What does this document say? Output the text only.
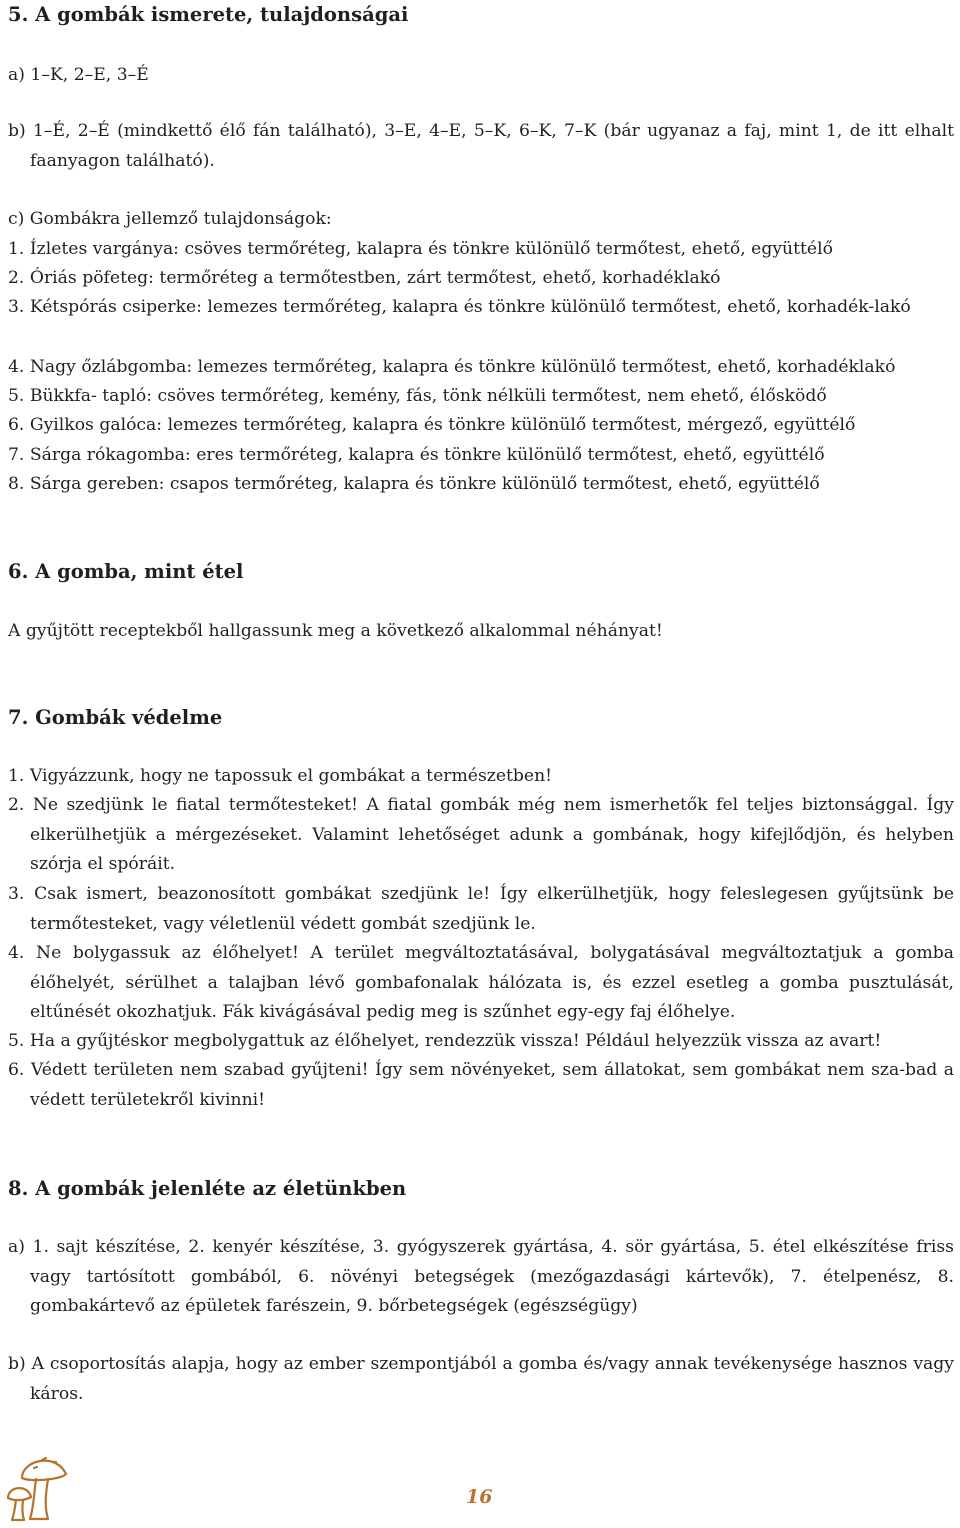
5. A gombák ismerete, tulajdonságai
a) 1–K, 2–E, 3–É
b) 1–É, 2–É (mindkettő élő fán található), 3–E, 4–E, 5–K, 6–K, 7–K (bár ugyanaz a faj, mint 1, de itt elhalt faanyagon található).
c) Gombákra jellemző tulajdonságok:
1. Ízletes vargánya: csöves termőréteg, kalapra és tönkre különülő termőtest, ehető, együttélő
2. Óriás pöfeteg: termőréteg a termőtestben, zárt termőtest, ehető, korhadéklakó
3. Kétspórás csiperke: lemezes termőréteg, kalapra és tönkre különülő termőtest, ehető, korhadék-lakó
4. Nagy őzlábgomba: lemezes termőréteg, kalapra és tönkre különülő termőtest, ehető, korhadéklakó
5. Bükkfa- tapló: csöves termőréteg, kemény, fás, tönk nélküli termőtest, nem ehető, élősködő
6. Gyilkos galóca: lemezes termőréteg, kalapra és tönkre különülő termőtest, mérgező, együttélő
7. Sárga rókagomba: eres termőréteg, kalapra és tönkre különülő termőtest, ehető, együttélő
8. Sárga gereben: csapos termőréteg, kalapra és tönkre különülő termőtest, ehető, együttélő
6. A gomba, mint étel
A gyűjtött receptekből hallgassunk meg a következő alkalommal néhányat!
7. Gombák védelme
1. Vigyázzunk, hogy ne tapossuk el gombákat a természetben!
2. Ne szedjünk le fiatal termőtesteket! A fiatal gombák még nem ismerhetők fel teljes biztonsággal. Így elkerülhetjük a mérgezéseket. Valamint lehetőséget adunk a gombának, hogy kifejlődjön, és helyben szórja el spóráit.
3. Csak ismert, beazonosított gombákat szedjünk le! Így elkerülhetjük, hogy feleslegesen gyűjtsünk be termőtesteket, vagy véletlenül védett gombát szedjünk le.
4. Ne bolygassuk az élőhelyet! A terület megváltoztatásával, bolygatásával megváltoztatjuk a gomba élőhelyét, sérülhet a talajban lévő gombafonalak hálózata is, és ezzel esetleg a gomba pusztulását, eltűnését okozhatjuk. Fák kivágásával pedig meg is szűnhet egy-egy faj élőhelye.
5. Ha a gyűjtéskor megbolygattuk az élőhelyet, rendezzük vissza! Például helyezzük vissza az avart!
6. Védett területen nem szabad gyűjteni! Így sem növényeket, sem állatokat, sem gombákat nem sza-bad a védett területekről kivinni!
8. A gombák jelenléte az életünkben
a) 1. sajt készítése, 2. kenyér készítése, 3. gyógyszerek gyártása, 4. sör gyártása, 5. étel elkészítése friss vagy tartósított gombából, 6. növényi betegségek (mezőgazdasági kártevők), 7. ételpenész, 8. gombakártevő az épületek farészein, 9. bőrbetegségek (egészségügy)
b) A csoportosítás alapja, hogy az ember szempontjából a gomba és/vagy annak tevékenysége hasznos vagy káros.
16
